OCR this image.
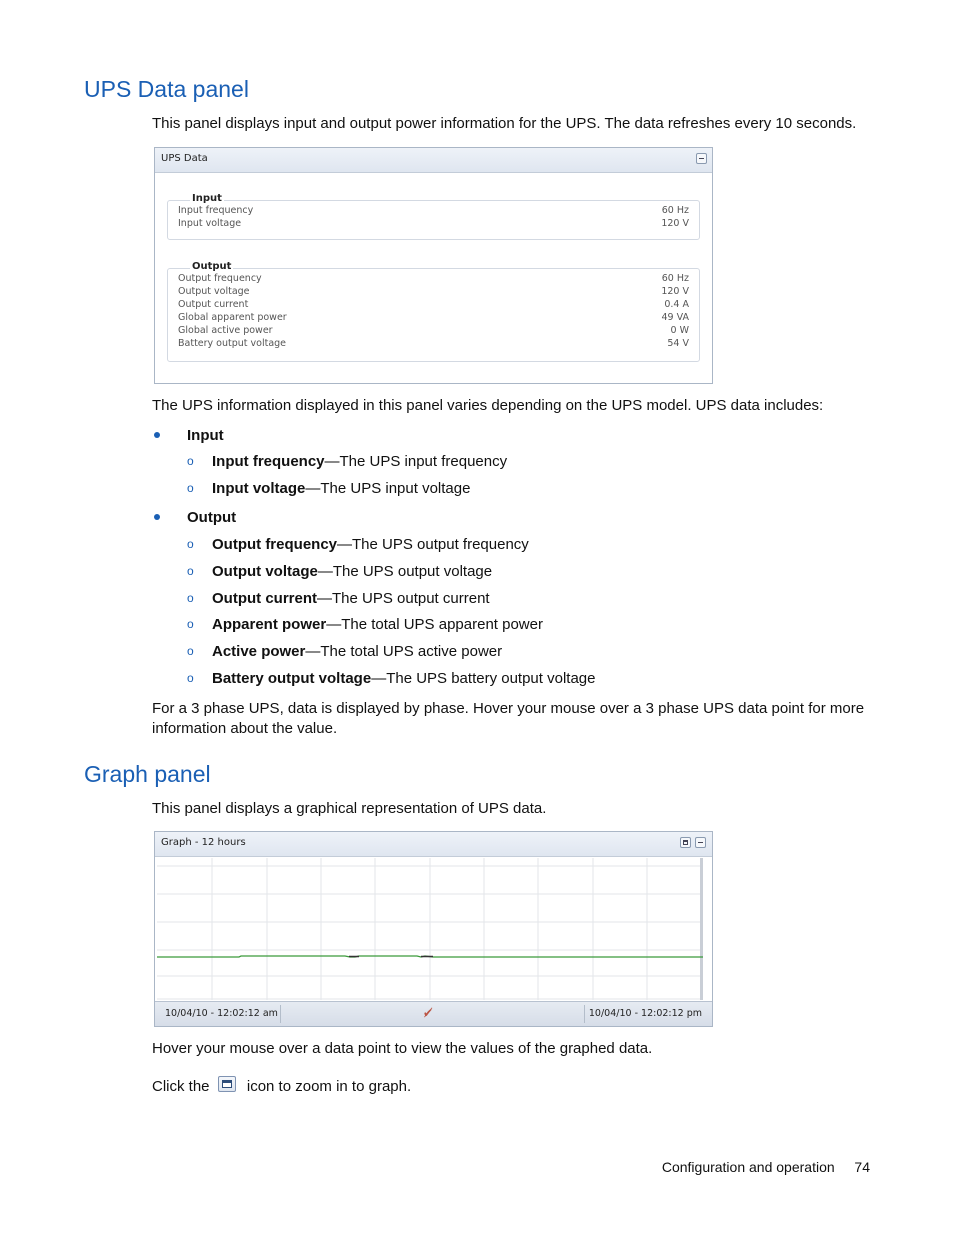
UPS Data panel
This panel displays input and output power information for the UPS. The data refreshes every 10 seconds.
UPS Data
Input
Input frequency	60 Hz
Input voltage	120 V
Output
Output frequency	60 Hz
Output voltage	120 V
Output current	0.4 A
Global apparent power	49 VA
Global active power	0 W
Battery output voltage	54 V
The UPS information displayed in this panel varies depending on the UPS model. UPS data includes:
Input
o Input frequency—The UPS input frequency
o Input voltage—The UPS input voltage
Output
o Output frequency—The UPS output frequency
o Output voltage—The UPS output voltage
o Output current—The UPS output current
o Apparent power—The total UPS apparent power
o Active power—The total UPS active power
o Battery output voltage—The UPS battery output voltage
For a 3 phase UPS, data is displayed by phase. Hover your mouse over a 3 phase UPS data point for more information about the value.
Graph panel
This panel displays a graphical representation of UPS data.
Graph - 12 hours
10/04/10 - 12:02:12 am	✔̸	10/04/10 - 12:02:12 pm
Hover your mouse over a data point to view the values of the graphed data.
Click the icon to zoom in to graph.
Configuration and operation 74
